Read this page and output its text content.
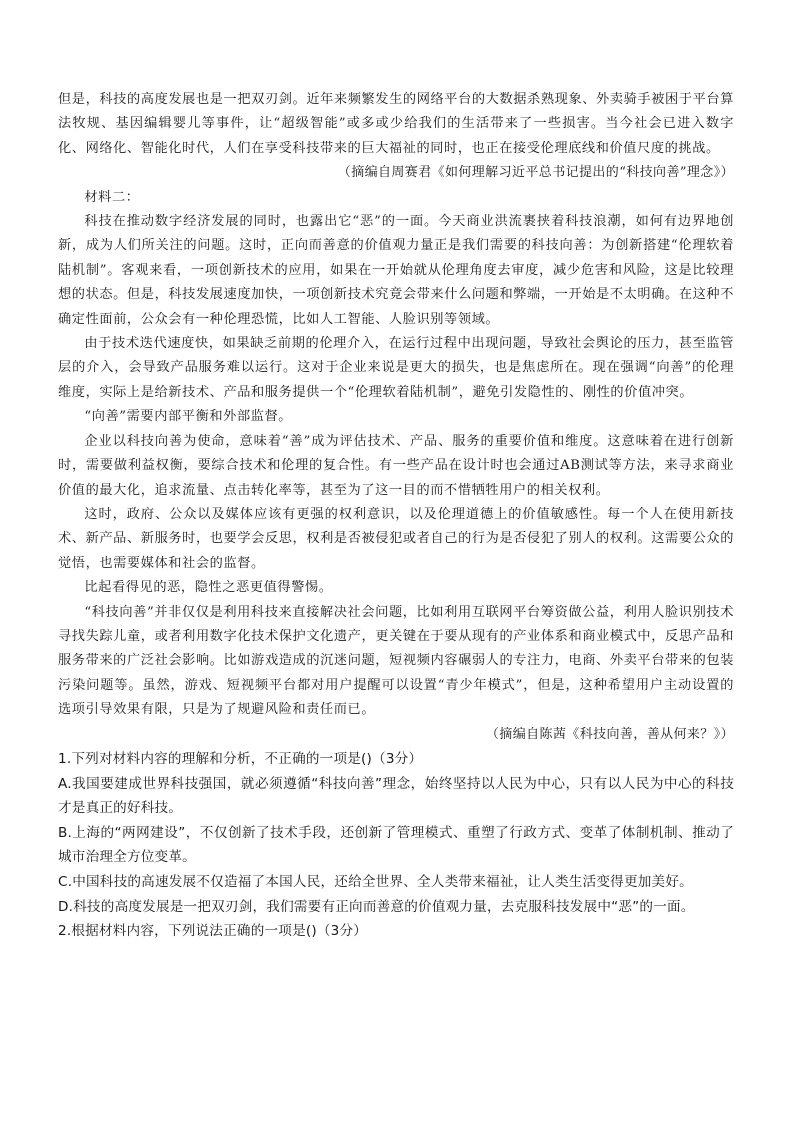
但是，科技的高度发展也是一把双刃剑。近年来频繁发生的网络平台的大数据杀熟现象、外卖骑手被困于平台算法牧规、基因编辑婴儿等事件，让“超级智能”或多或少给我们的生活带来了一些损害。当今社会已进入数字化、网络化、智能化时代，人们在享受科技带来的巨大福祉的同时，也正在接受伦理底线和价值尺度的挑战。

（摘编自周赛君《如何理解习近平总书记提出的“科技向善”理念》）

材料二：

科技在推动数字经济发展的同时，也露出它“恶”的一面。今天商业洪流裹挟着科技浪潮，如何有边界地创新，成为人们所关注的问题。这时，正向而善意的价值观力量正是我们需要的科技向善：为创新搭建“伦理软着陆机制”。客观来看，一项创新技术的应用，如果在一开始就从伦理角度去审度，减少危害和风险，这是比较理想的状态。但是，科技发展速度加快，一项创新技术究竟会带来什么问题和弊端，一开始是不太明确。在这种不确定性面前，公众会有一种伦理恐慌，比如人工智能、人脸识别等领域。

由于技术迭代速度快，如果缺乏前期的伦理介入，在运行过程中出现问题，导致社会舆论的压力，甚至监管层的介入，会导致产品服务难以运行。这对于企业来说是更大的损失，也是焦虑所在。现在强调“向善”的伦理维度，实际上是给新技术、产品和服务提供一个“伦理软着陆机制”，避免引发隐性的、刚性的价值冲突。

“向善”需要内部平衡和外部监督。

企业以科技向善为使命，意味着“善”成为评估技术、产品、服务的重要价值和维度。这意味着在进行创新时，需要做利益权衡，要综合技术和伦理的复合性。有一些产品在设计时也会通过AB测试等方法，来寻求商业价值的最大化，追求流量、点击转化率等，甚至为了这一目的而不惜牺牲用户的相关权利。

这时，政府、公众以及媒体应该有更强的权利意识，以及伦理道德上的价值敏感性。每一个人在使用新技术、新产品、新服务时，也要学会反思，权利是否被侵犯或者自己的行为是否侵犯了别人的权利。这需要公众的觉悟，也需要媒体和社会的监督。

比起看得见的恶，隐性之恶更值得警惕。

“科技向善”并非仅仅是利用科技来直接解决社会问题，比如利用互联网平台筹资做公益，利用人脸识别技术寻找失踪儿童，或者利用数字化技术保护文化遗产，更关键在于要从现有的产业体系和商业模式中，反思产品和服务带来的广泛社会影响。比如游戏造成的沉迷问题，短视频内容碾弱人的专注力，电商、外卖平台带来的包装污染问题等。虽然，游戏、短视频平台都对用户提醒可以设置“青少年模式”，但是，这种希望用户主动设置的选项引导效果有限，只是为了规避风险和责任而已。

（摘编自陈茜《科技向善，善从何来？》）

1.下列对材料内容的理解和分析，不正确的一项是()（3分）

A.我国要建成世界科技强国，就必须遵循“科技向善”理念，始终坚持以人民为中心，只有以人民为中心的科技才是真正的好科技。

B.上海的“两网建设”，不仅创新了技术手段，还创新了管理模式、重塑了行政方式、变革了体制机制、推动了城市治理全方位变革。

C.中国科技的高速发展不仅造福了本国人民，还给全世界、全人类带来福祉，让人类生活变得更加美好。

D.科技的高度发展是一把双刃剑，我们需要有正向而善意的价值观力量，去克服科技发展中“恶”的一面。

2.根据材料内容，下列说法正确的一项是()（3分）
